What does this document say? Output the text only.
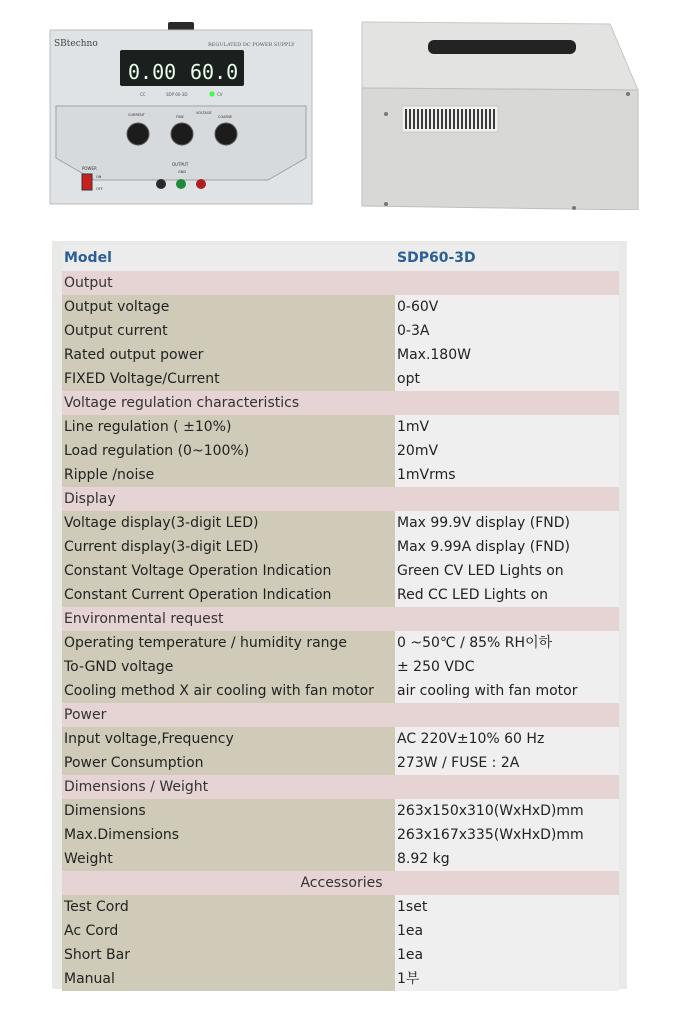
SBtechno	REGULATED DC POWER SUPPLY
0.00 60.0
CC	SDP 60-3D	CV
CURRENT	FINE
VOLTAGE
COARSE
OUTPUT
GND
POWER
ON
OFF
Model	SDP60-3D
Output	
Output voltage	0-60V
Output current	0-3A
Rated output power	Max.180W
FIXED Voltage/Current	opt
Voltage regulation characteristics	
Line regulation ( ±10%)	1mV
Load regulation (0~100%)	20mV
Ripple /noise	1mVrms
Display	
Voltage display(3-digit LED)	Max 99.9V display (FND)
Current display(3-digit LED)	Max 9.99A display (FND)
Constant Voltage Operation Indication	Green CV LED Lights on
Constant Current Operation Indication	Red CC LED Lights on
Environmental request	
Operating temperature / humidity range	0 ~50℃ / 85% RH이하
To-GND voltage	± 250 VDC
Cooling method X air cooling with fan motor	air cooling with fan motor
Power	
Input voltage,Frequency	AC 220V±10% 60 Hz
Power Consumption	273W / FUSE : 2A
Dimensions / Weight	
Dimensions	263x150x310(WxHxD)mm
Max.Dimensions	263x167x335(WxHxD)mm
Weight	8.92 kg
Accessories	
Test Cord	1set
Ac Cord	1ea
Short Bar	1ea
Manual	1부
